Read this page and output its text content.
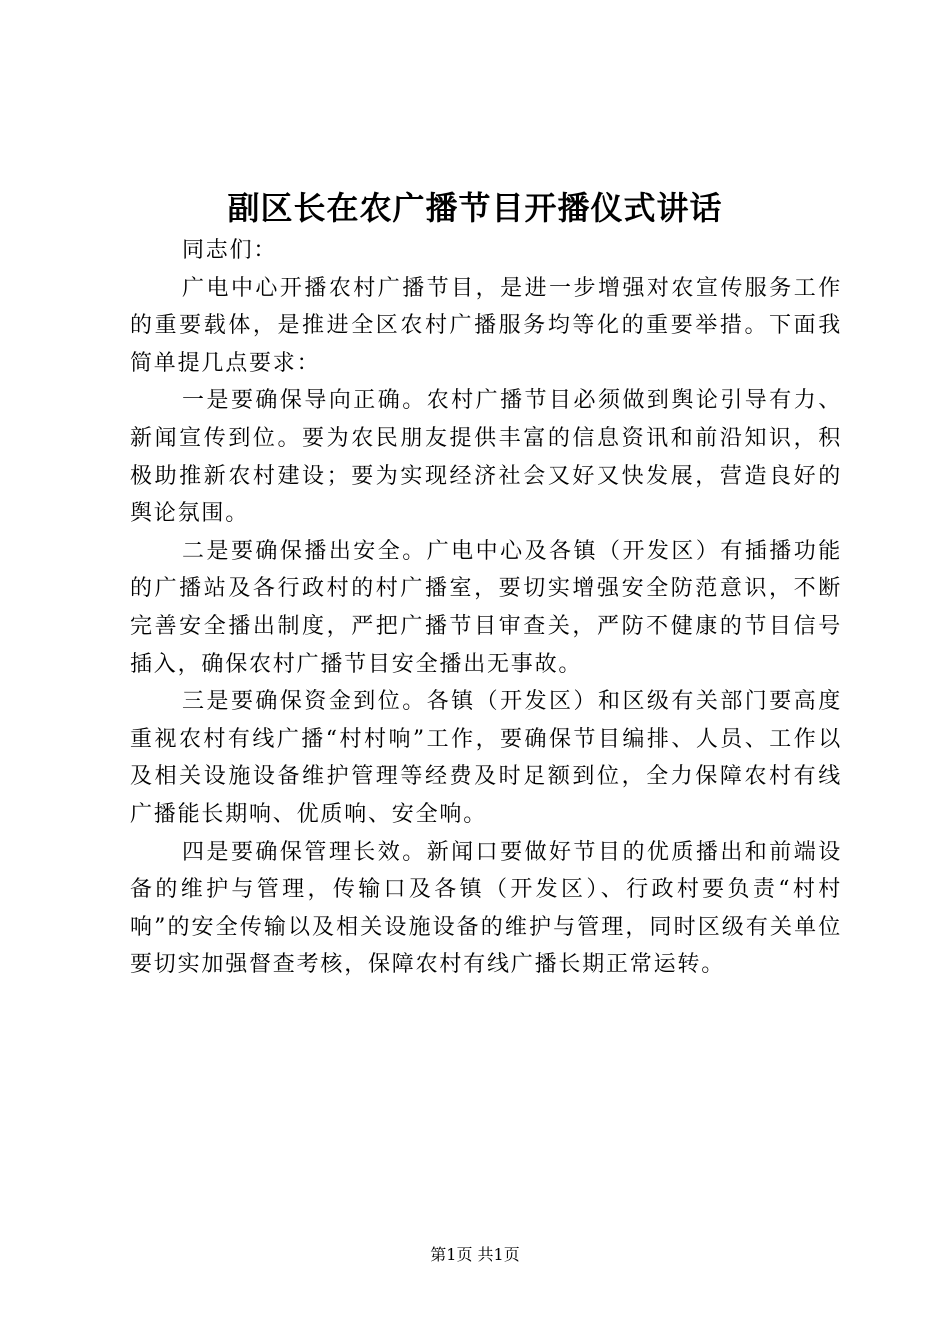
副区长在农广播节目开播仪式讲话

同志们：

广电中心开播农村广播节目，是进一步增强对农宣传服务工作的重要载体，是推进全区农村广播服务均等化的重要举措。下面我简单提几点要求：

一是要确保导向正确。农村广播节目必须做到舆论引导有力、新闻宣传到位。要为农民朋友提供丰富的信息资讯和前沿知识，积极助推新农村建设；要为实现经济社会又好又快发展，营造良好的舆论氛围。

二是要确保播出安全。广电中心及各镇（开发区）有插播功能的广播站及各行政村的村广播室，要切实增强安全防范意识，不断完善安全播出制度，严把广播节目审查关，严防不健康的节目信号插入，确保农村广播节目安全播出无事故。

三是要确保资金到位。各镇（开发区）和区级有关部门要高度重视农村有线广播“村村响”工作，要确保节目编排、人员、工作以及相关设施设备维护管理等经费及时足额到位，全力保障农村有线广播能长期响、优质响、安全响。

四是要确保管理长效。新闻口要做好节目的优质播出和前端设备的维护与管理，传输口及各镇（开发区）、行政村要负责“村村响”的安全传输以及相关设施设备的维护与管理，同时区级有关单位要切实加强督查考核，保障农村有线广播长期正常运转。

第1页 共1页
